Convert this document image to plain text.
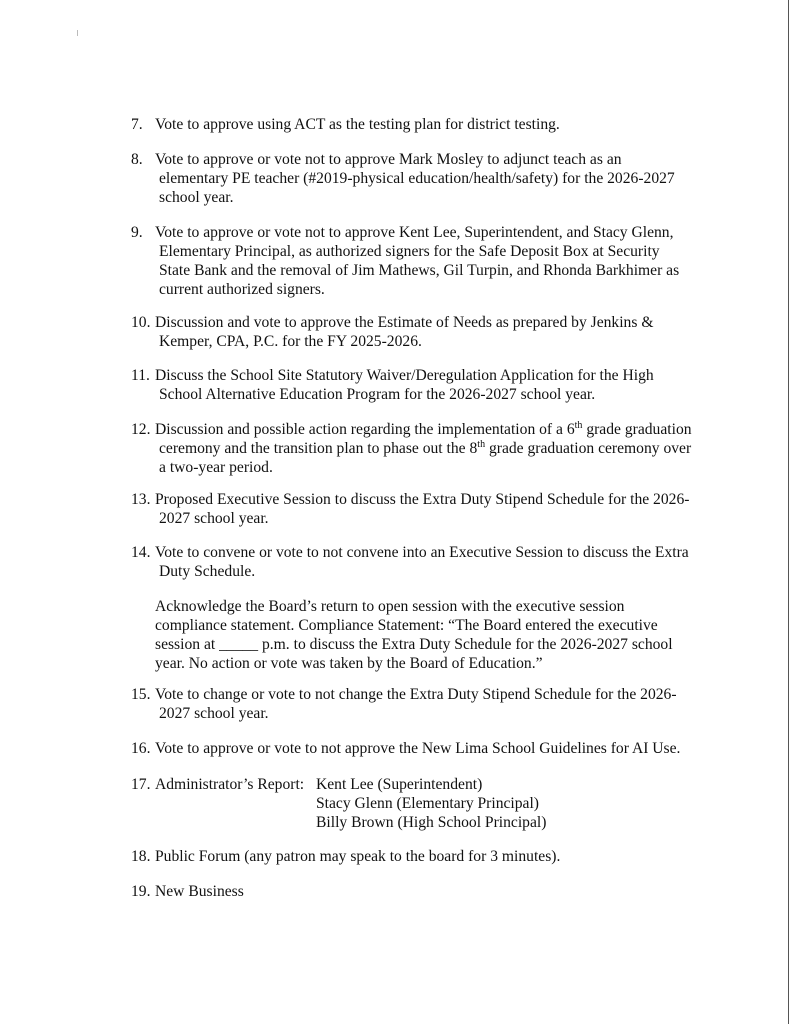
7. Vote to approve using ACT as the testing plan for district testing.
8. Vote to approve or vote not to approve Mark Mosley to adjunct teach as an
elementary PE teacher (#2019-physical education/health/safety) for the 2026-2027
school year.
9. Vote to approve or vote not to approve Kent Lee, Superintendent, and Stacy Glenn,
Elementary Principal, as authorized signers for the Safe Deposit Box at Security
State Bank and the removal of Jim Mathews, Gil Turpin, and Rhonda Barkhimer as
current authorized signers.
10. Discussion and vote to approve the Estimate of Needs as prepared by Jenkins &
Kemper, CPA, P.C. for the FY 2025-2026.
11. Discuss the School Site Statutory Waiver/Deregulation Application for the High
School Alternative Education Program for the 2026-2027 school year.
12. Discussion and possible action regarding the implementation of a 6th grade graduation
ceremony and the transition plan to phase out the 8th grade graduation ceremony over
a two-year period.
13. Proposed Executive Session to discuss the Extra Duty Stipend Schedule for the 2026-
2027 school year.
14. Vote to convene or vote to not convene into an Executive Session to discuss the Extra
Duty Schedule.
Acknowledge the Board’s return to open session with the executive session
compliance statement. Compliance Statement: “The Board entered the executive
session at _____ p.m. to discuss the Extra Duty Schedule for the 2026-2027 school
year. No action or vote was taken by the Board of Education.”
15. Vote to change or vote to not change the Extra Duty Stipend Schedule for the 2026-
2027 school year.
16. Vote to approve or vote to not approve the New Lima School Guidelines for AI Use.
17. Administrator’s Report: Kent Lee (Superintendent)
Stacy Glenn (Elementary Principal)
Billy Brown (High School Principal)
18. Public Forum (any patron may speak to the board for 3 minutes).
19. New Business
